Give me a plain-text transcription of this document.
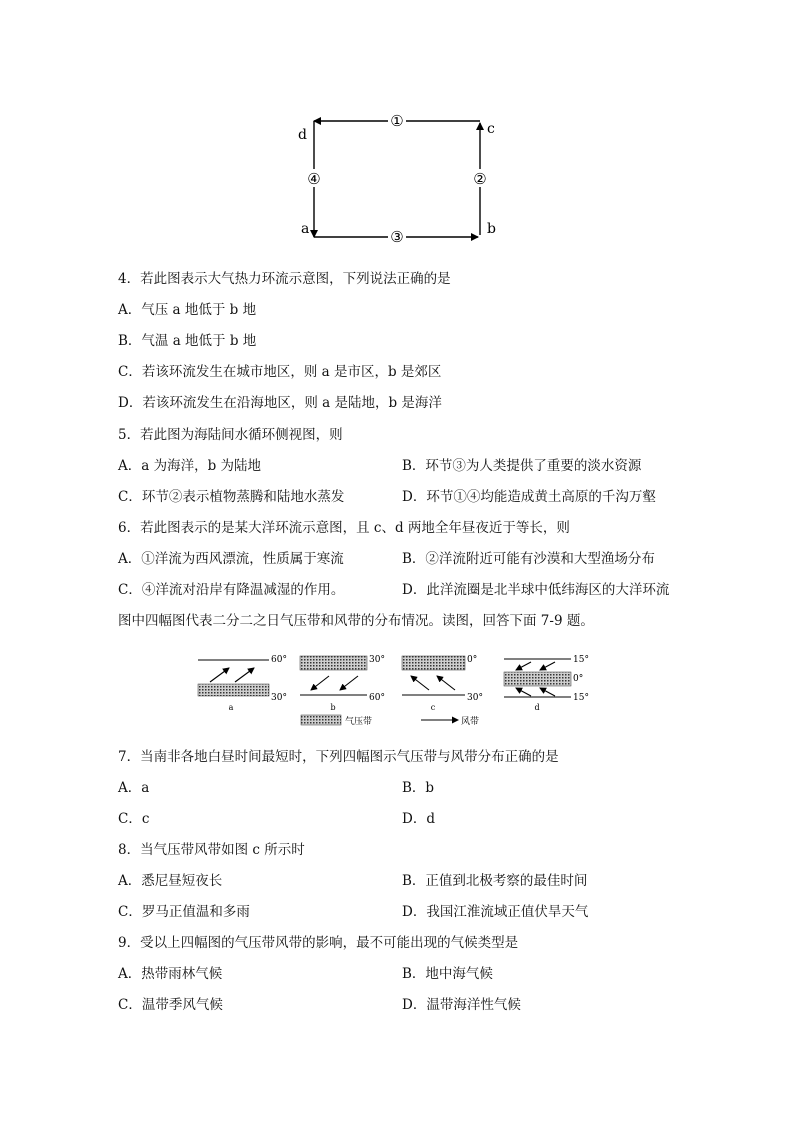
①
③
④	②
d	c
a	b
4．若此图表示大气热力环流示意图，下列说法正确的是
A．气压 a 地低于 b 地
B．气温 a 地低于 b 地
C．若该环流发生在城市地区，则 a 是市区，b 是郊区
D．若该环流发生在沿海地区，则 a 是陆地，b 是海洋
5．若此图为海陆间水循环侧视图，则
A．a 为海洋，b 为陆地	B．环节③为人类提供了重要的淡水资源
C．环节②表示植物蒸腾和陆地水蒸发	D．环节①④均能造成黄土高原的千沟万壑
6．若此图表示的是某大洋环流示意图，且 c、d 两地全年昼夜近于等长，则
A．①洋流为西风漂流，性质属于寒流	B．②洋流附近可能有沙漠和大型渔场分布
C．④洋流对沿岸有降温减湿的作用。	D．此洋流圈是北半球中低纬海区的大洋环流
图中四幅图代表二分二之日气压带和风带的分布情况。读图，回答下面 7-9 题。
60°
30°
a
30°
60°
b
0°
30°
c
15°
0°
15°
d
气压带	风带
7．当南非各地白昼时间最短时，下列四幅图示气压带与风带分布正确的是
A．a	B．b
C．c	D．d
8．当气压带风带如图 c 所示时
A．悉尼昼短夜长	B．正值到北极考察的最佳时间
C．罗马正值温和多雨	D．我国江淮流域正值伏旱天气
9．受以上四幅图的气压带风带的影响，最不可能出现的气候类型是
A．热带雨林气候	B．地中海气候
C．温带季风气候	D．温带海洋性气候
